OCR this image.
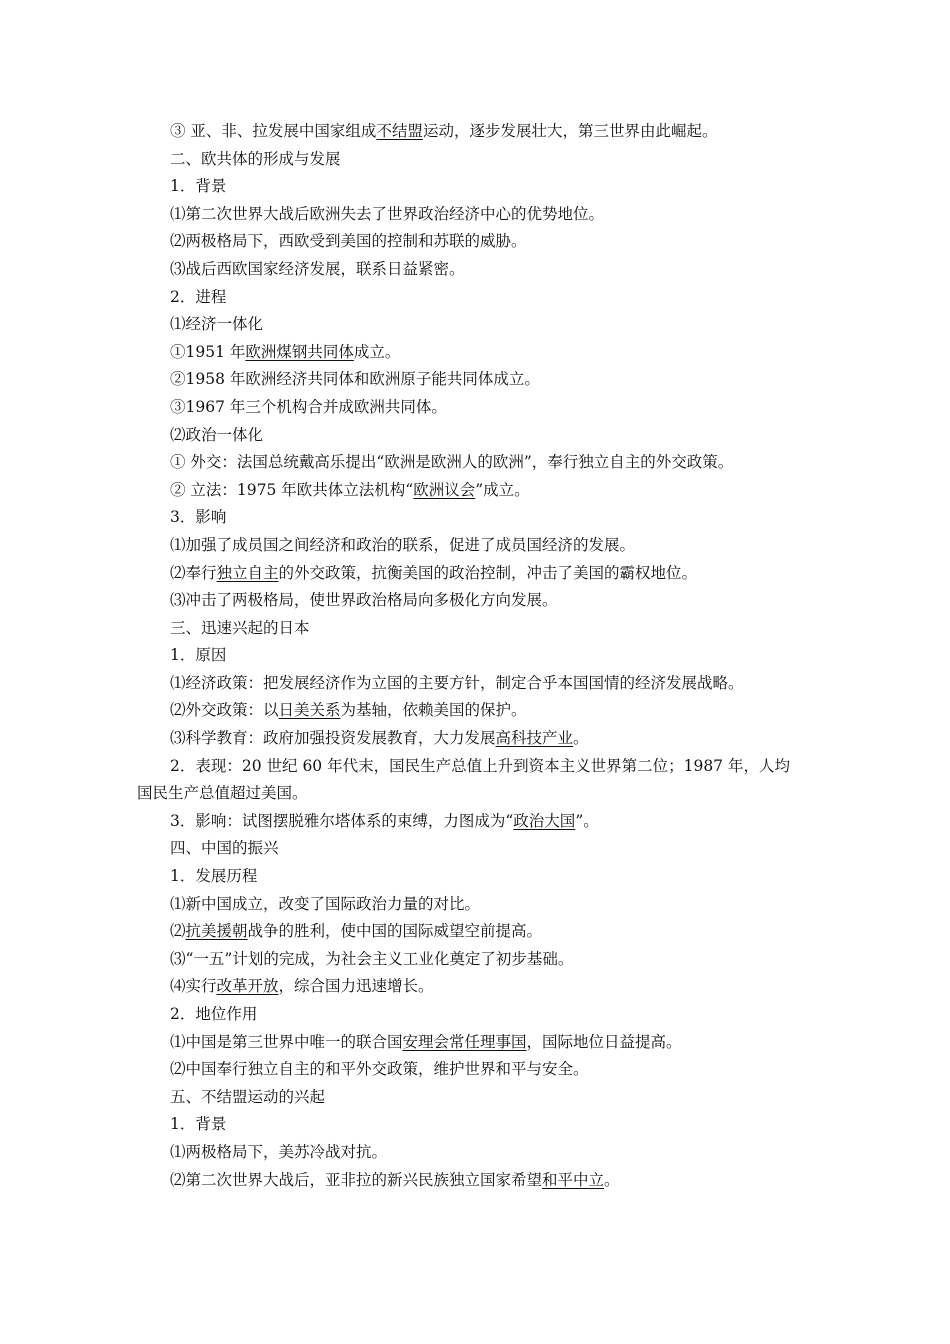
③ 亚、非、拉发展中国家组成不结盟运动，逐步发展壮大，第三世界由此崛起。
二、欧共体的形成与发展
1．背景
⑴第二次世界大战后欧洲失去了世界政治经济中心的优势地位。
⑵两极格局下，西欧受到美国的控制和苏联的威胁。
⑶战后西欧国家经济发展，联系日益紧密。
2．进程
⑴经济一体化
①1951 年欧洲煤钢共同体成立。
②1958 年欧洲经济共同体和欧洲原子能共同体成立。
③1967 年三个机构合并成欧洲共同体。
⑵政治一体化
① 外交：法国总统戴高乐提出“欧洲是欧洲人的欧洲”，奉行独立自主的外交政策。
② 立法：1975 年欧共体立法机构“欧洲议会”成立。
3．影响
⑴加强了成员国之间经济和政治的联系，促进了成员国经济的发展。
⑵奉行独立自主的外交政策，抗衡美国的政治控制，冲击了美国的霸权地位。
⑶冲击了两极格局，使世界政治格局向多极化方向发展。
三、迅速兴起的日本
1．原因
⑴经济政策：把发展经济作为立国的主要方针，制定合乎本国国情的经济发展战略。
⑵外交政策：以日美关系为基轴，依赖美国的保护。
⑶科学教育：政府加强投资发展教育，大力发展高科技产业。
2．表现：20 世纪 60 年代末，国民生产总值上升到资本主义世界第二位；1987 年，人均
国民生产总值超过美国。
3．影响：试图摆脱雅尔塔体系的束缚，力图成为“政治大国”。
四、中国的振兴
1．发展历程
⑴新中国成立，改变了国际政治力量的对比。
⑵抗美援朝战争的胜利，使中国的国际威望空前提高。
⑶“一五”计划的完成，为社会主义工业化奠定了初步基础。
⑷实行改革开放，综合国力迅速增长。
2．地位作用
⑴中国是第三世界中唯一的联合国安理会常任理事国，国际地位日益提高。
⑵中国奉行独立自主的和平外交政策，维护世界和平与安全。
五、不结盟运动的兴起
1．背景
⑴两极格局下，美苏冷战对抗。
⑵第二次世界大战后，亚非拉的新兴民族独立国家希望和平中立。
